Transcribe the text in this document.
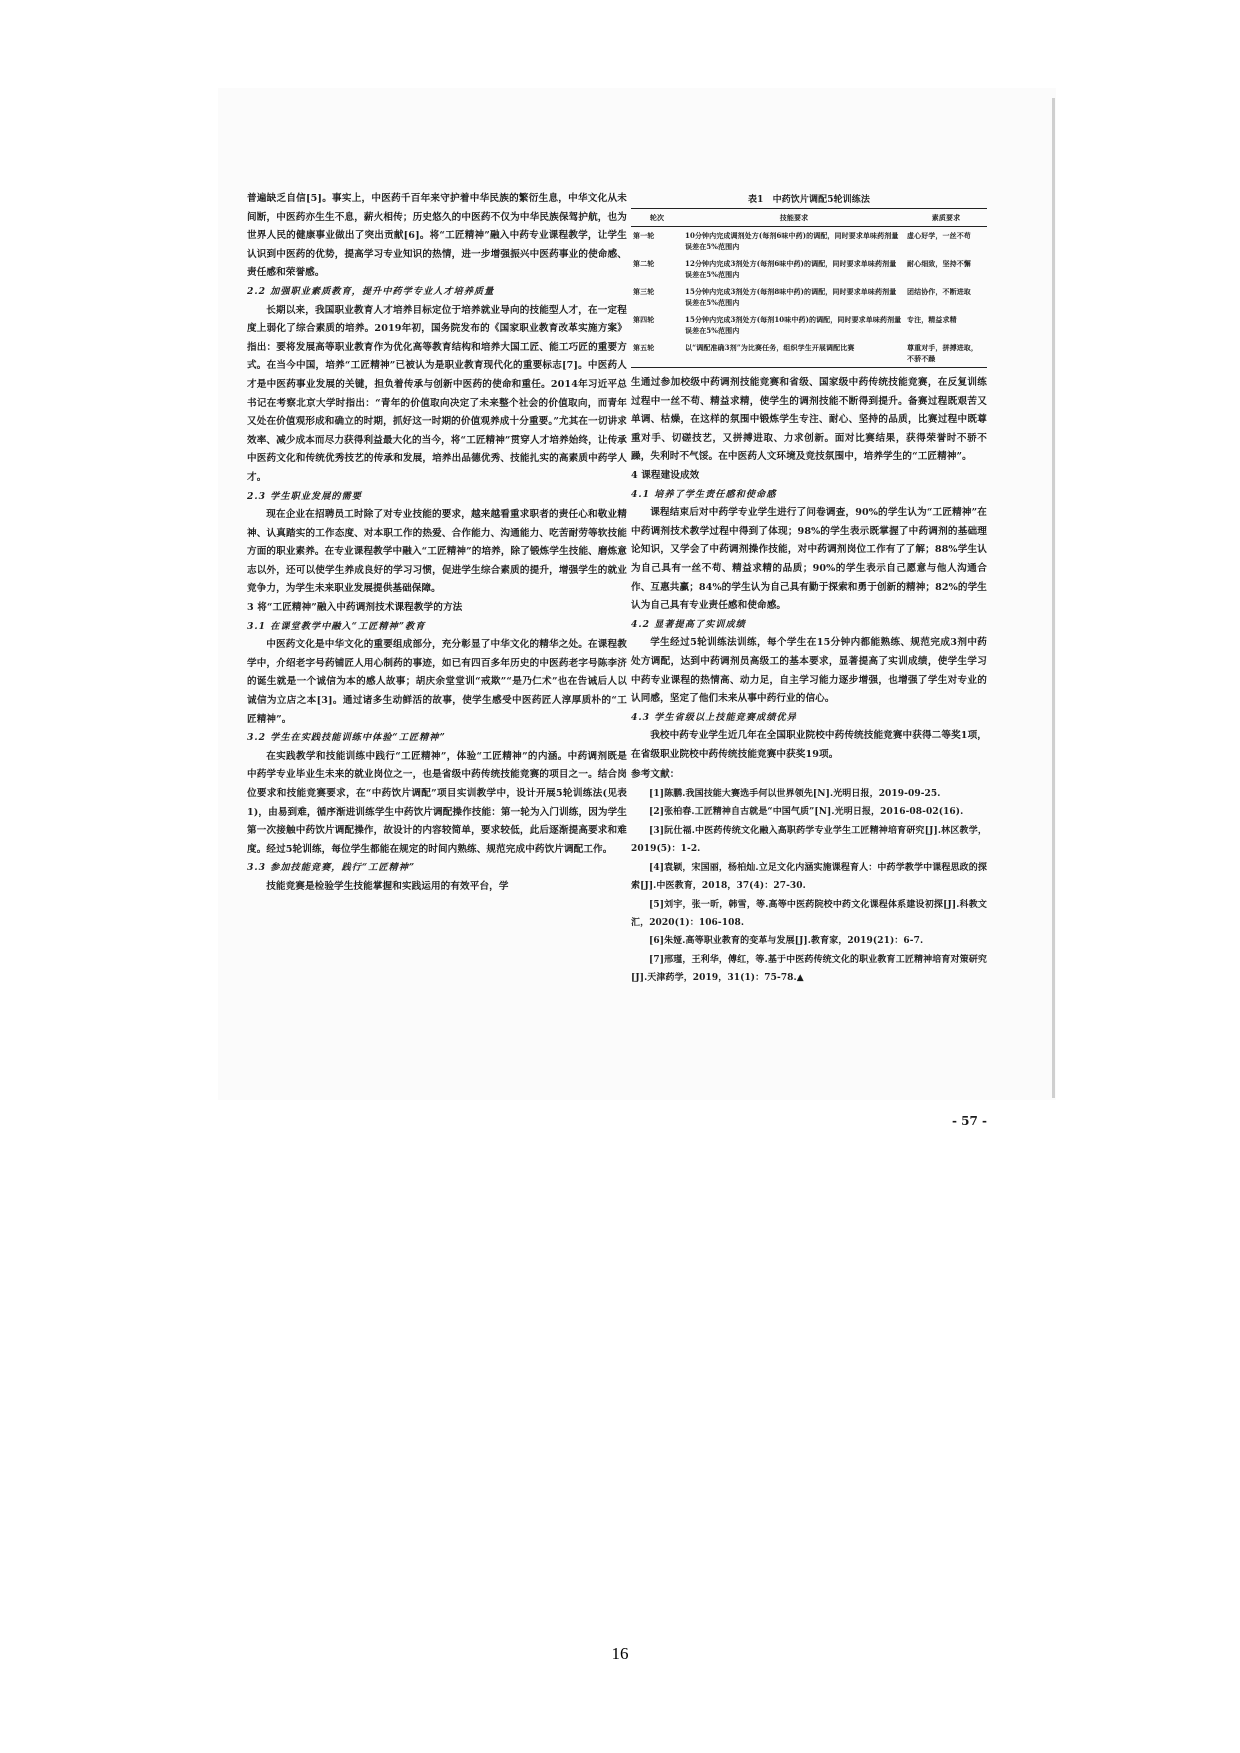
普遍缺乏自信[5]。事实上，中医药千百年来守护着中华民族的繁衍生息，中华文化从未间断，中医药亦生生不息，薪火相传；历史悠久的中医药不仅为中华民族保驾护航，也为世界人民的健康事业做出了突出贡献[6]。将“工匠精神”融入中药专业课程教学，让学生认识到中医药的优势，提高学习专业知识的热情，进一步增强振兴中医药事业的使命感、责任感和荣誉感。

2.2 加强职业素质教育，提升中药学专业人才培养质量

长期以来，我国职业教育人才培养目标定位于培养就业导向的技能型人才，在一定程度上弱化了综合素质的培养。2019年初，国务院发布的《国家职业教育改革实施方案》指出：要将发展高等职业教育作为优化高等教育结构和培养大国工匠、能工巧匠的重要方式。在当今中国，培养“工匠精神”已被认为是职业教育现代化的重要标志[7]。中医药人才是中医药事业发展的关键，担负着传承与创新中医药的使命和重任。2014年习近平总书记在考察北京大学时指出：“青年的价值取向决定了未来整个社会的价值取向，而青年又处在价值观形成和确立的时期，抓好这一时期的价值观养成十分重要。”尤其在一切讲求效率、减少成本而尽力获得利益最大化的当今，将“工匠精神”贯穿人才培养始终，让传承中医药文化和传统优秀技艺的传承和发展，培养出品德优秀、技能扎实的高素质中药学人才。

2.3 学生职业发展的需要

现在企业在招聘员工时除了对专业技能的要求，越来越看重求职者的责任心和敬业精神、认真踏实的工作态度、对本职工作的热爱、合作能力、沟通能力、吃苦耐劳等软技能方面的职业素养。在专业课程教学中融入“工匠精神”的培养，除了锻炼学生技能、磨炼意志以外，还可以使学生养成良好的学习习惯，促进学生综合素质的提升，增强学生的就业竞争力，为学生未来职业发展提供基础保障。

3 将“工匠精神”融入中药调剂技术课程教学的方法
3.1 在课堂教学中融入“工匠精神”教育

中医药文化是中华文化的重要组成部分，充分彰显了中华文化的精华之处。在课程教学中，介绍老字号药铺匠人用心制药的事迹，如已有四百多年历史的中医药老字号陈李济的诞生就是一个诚信为本的感人故事；胡庆余堂堂训“戒欺”“是乃仁术”也在告诫后人以诚信为立店之本[3]。通过诸多生动鲜活的故事，使学生感受中医药匠人淳厚质朴的“工匠精神”。

3.2 学生在实践技能训练中体验“工匠精神”

在实践教学和技能训练中践行“工匠精神”，体验“工匠精神”的内涵。中药调剂既是中药学专业毕业生未来的就业岗位之一，也是省级中药传统技能竞赛的项目之一。结合岗位要求和技能竞赛要求，在“中药饮片调配”项目实训教学中，设计开展5轮训练法(见表1)，由易到难，循序渐进训练学生中药饮片调配操作技能：第一轮为入门训练，因为学生第一次接触中药饮片调配操作，故设计的内容较简单，要求较低，此后逐渐提高要求和难度。经过5轮训练，每位学生都能在规定的时间内熟练、规范完成中药饮片调配工作。

3.3 参加技能竞赛，践行“工匠精神”

技能竞赛是检验学生技能掌握和实践运用的有效平台，学

表1　中药饮片调配5轮训练法
轮次	技能要求	素质要求
第一轮	10分钟内完成调剂处方(每剂6味中药)的调配，同时要求单味药剂量误差在5%范围内	虚心好学，一丝不苟
第二轮	12分钟内完成3剂处方(每剂6味中药)的调配，同时要求单味药剂量误差在5%范围内	耐心细致，坚持不懈
第三轮	15分钟内完成3剂处方(每剂8味中药)的调配，同时要求单味药剂量误差在5%范围内	团结协作，不断进取
第四轮	15分钟内完成3剂处方(每剂10味中药)的调配，同时要求单味药剂量误差在5%范围内	专注，精益求精
第五轮	以“调配准确3剂”为比赛任务，组织学生开展调配比赛	尊重对手，拼搏进取，不骄不躁

生通过参加校级中药调剂技能竞赛和省级、国家级中药传统技能竞赛，在反复训练过程中一丝不苟、精益求精，使学生的调剂技能不断得到提升。备赛过程既艰苦又单调、枯燥，在这样的氛围中锻炼学生专注、耐心、坚持的品质，比赛过程中既尊重对手、切磋技艺，又拼搏进取、力求创新。面对比赛结果，获得荣誉时不骄不躁，失利时不气馁。在中医药人文环境及竞技氛围中，培养学生的“工匠精神”。

4 课程建设成效
4.1 培养了学生责任感和使命感

课程结束后对中药学专业学生进行了问卷调查，90%的学生认为“工匠精神”在中药调剂技术教学过程中得到了体现；98%的学生表示既掌握了中药调剂的基础理论知识，又学会了中药调剂操作技能，对中药调剂岗位工作有了了解；88%学生认为自己具有一丝不苟、精益求精的品质；90%的学生表示自己愿意与他人沟通合作、互惠共赢；84%的学生认为自己具有勤于探索和勇于创新的精神；82%的学生认为自己具有专业责任感和使命感。

4.2 显著提高了实训成绩

学生经过5轮训练法训练，每个学生在15分钟内都能熟练、规范完成3剂中药处方调配，达到中药调剂员高级工的基本要求，显著提高了实训成绩，使学生学习中药专业课程的热情高、动力足，自主学习能力逐步增强，也增强了学生对专业的认同感，坚定了他们未来从事中药行业的信心。

4.3 学生省级以上技能竞赛成绩优异

我校中药专业学生近几年在全国职业院校中药传统技能竞赛中获得二等奖1项，在省级职业院校中药传统技能竞赛中获奖19项。

参考文献：

[1]陈鹏.我国技能大赛选手何以世界领先[N].光明日报，2019-09-25.

[2]张柏春.工匠精神自古就是“中国气质”[N].光明日报，2016-08-02(16).

[3]阮仕福.中医药传统文化融入高职药学专业学生工匠精神培育研究[J].林区教学，2019(5)：1-2.

[4]袁颖，宋国丽，杨柏灿.立足文化内涵实施课程育人：中药学教学中课程思政的探索[J].中医教育，2018，37(4)：27-30.

[5]刘宇，张一昕，韩雪，等.高等中医药院校中药文化课程体系建设初探[J].科教文汇，2020(1)：106-108.

[6]朱娅.高等职业教育的变革与发展[J].教育家，2019(21)：6-7.

[7]邢瑾，王利华，傅红，等.基于中医药传统文化的职业教育工匠精神培育对策研究[J].天津药学，2019，31(1)：75-78.▲

- 57 -
16
